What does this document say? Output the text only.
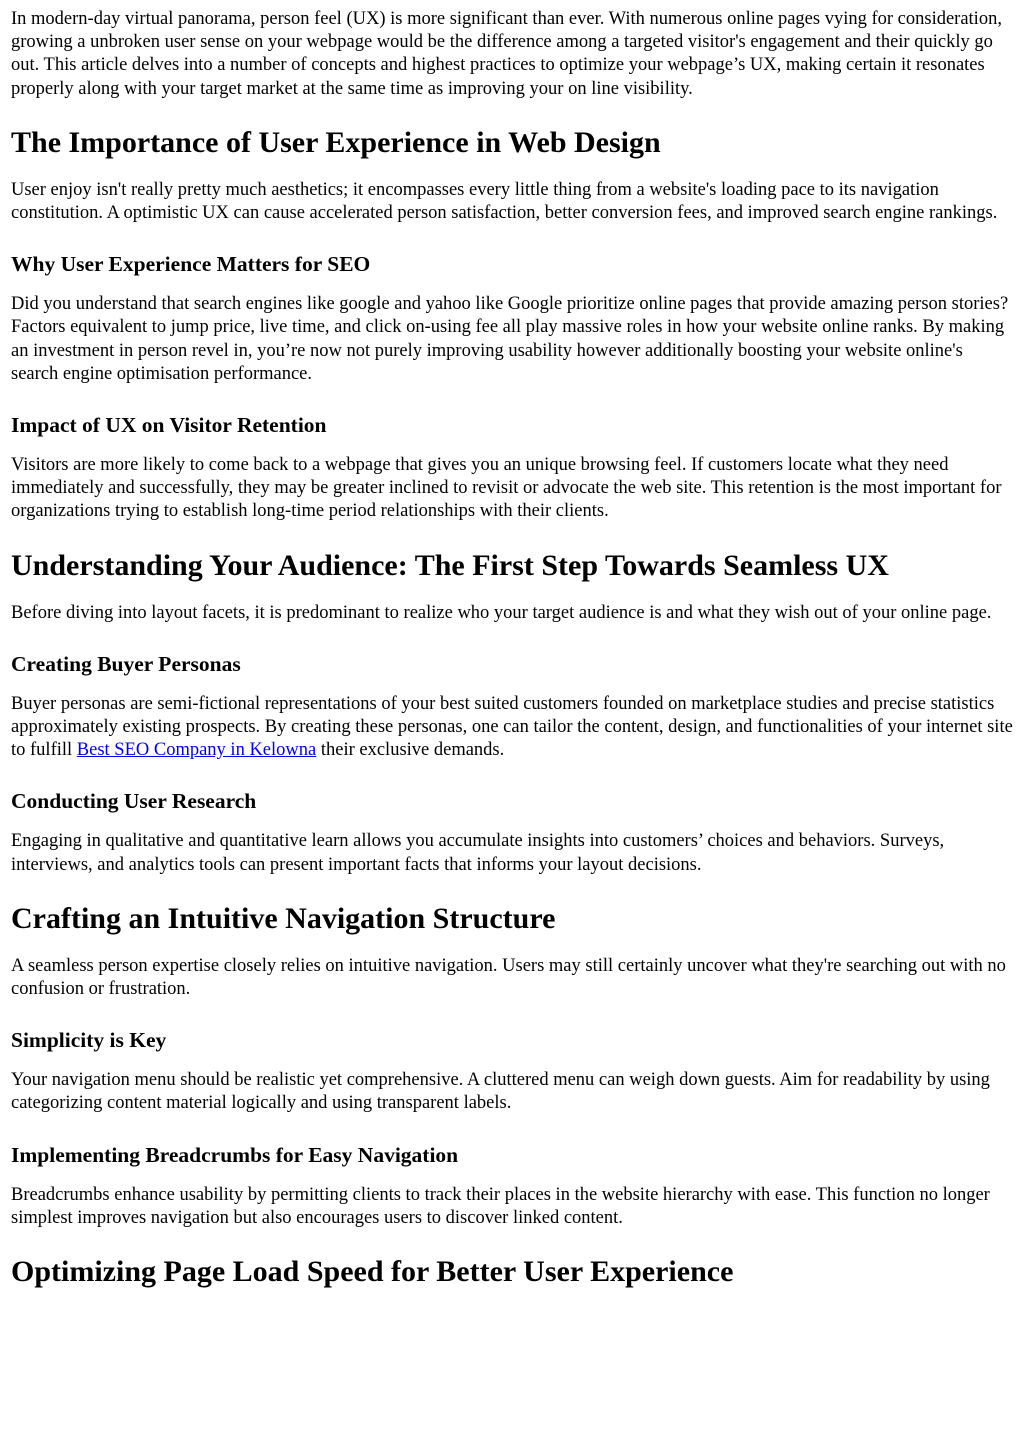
In modern-day virtual panorama, person feel (UX) is more significant than ever. With numerous online pages vying for consideration, growing a unbroken user sense on your webpage would be the difference among a targeted visitor's engagement and their quickly go out. This article delves into a number of concepts and highest practices to optimize your webpage’s UX, making certain it resonates properly along with your target market at the same time as improving your on line visibility.

The Importance of User Experience in Web Design

User enjoy isn't really pretty much aesthetics; it encompasses every little thing from a website's loading pace to its navigation constitution. A optimistic UX can cause accelerated person satisfaction, better conversion fees, and improved search engine rankings.

Why User Experience Matters for SEO

Did you understand that search engines like google and yahoo like Google prioritize online pages that provide amazing person stories? Factors equivalent to jump price, live time, and click on-using fee all play massive roles in how your website online ranks. By making an investment in person revel in, you’re now not purely improving usability however additionally boosting your website online's search engine optimisation performance.

Impact of UX on Visitor Retention

Visitors are more likely to come back to a webpage that gives you an unique browsing feel. If customers locate what they need immediately and successfully, they may be greater inclined to revisit or advocate the web site. This retention is the most important for organizations trying to establish long-time period relationships with their clients.

Understanding Your Audience: The First Step Towards Seamless UX

Before diving into layout facets, it is predominant to realize who your target audience is and what they wish out of your online page.

Creating Buyer Personas

Buyer personas are semi-fictional representations of your best suited customers founded on marketplace studies and precise statistics approximately existing prospects. By creating these personas, one can tailor the content, design, and functionalities of your internet site to fulfill Best SEO Company in Kelowna their exclusive demands.

Conducting User Research

Engaging in qualitative and quantitative learn allows you accumulate insights into customers’ choices and behaviors. Surveys, interviews, and analytics tools can present important facts that informs your layout decisions.

Crafting an Intuitive Navigation Structure

A seamless person expertise closely relies on intuitive navigation. Users may still certainly uncover what they're searching out with no confusion or frustration.

Simplicity is Key

Your navigation menu should be realistic yet comprehensive. A cluttered menu can weigh down guests. Aim for readability by using categorizing content material logically and using transparent labels.

Implementing Breadcrumbs for Easy Navigation

Breadcrumbs enhance usability by permitting clients to track their places in the website hierarchy with ease. This function no longer simplest improves navigation but also encourages users to discover linked content.

Optimizing Page Load Speed for Better User Experience
